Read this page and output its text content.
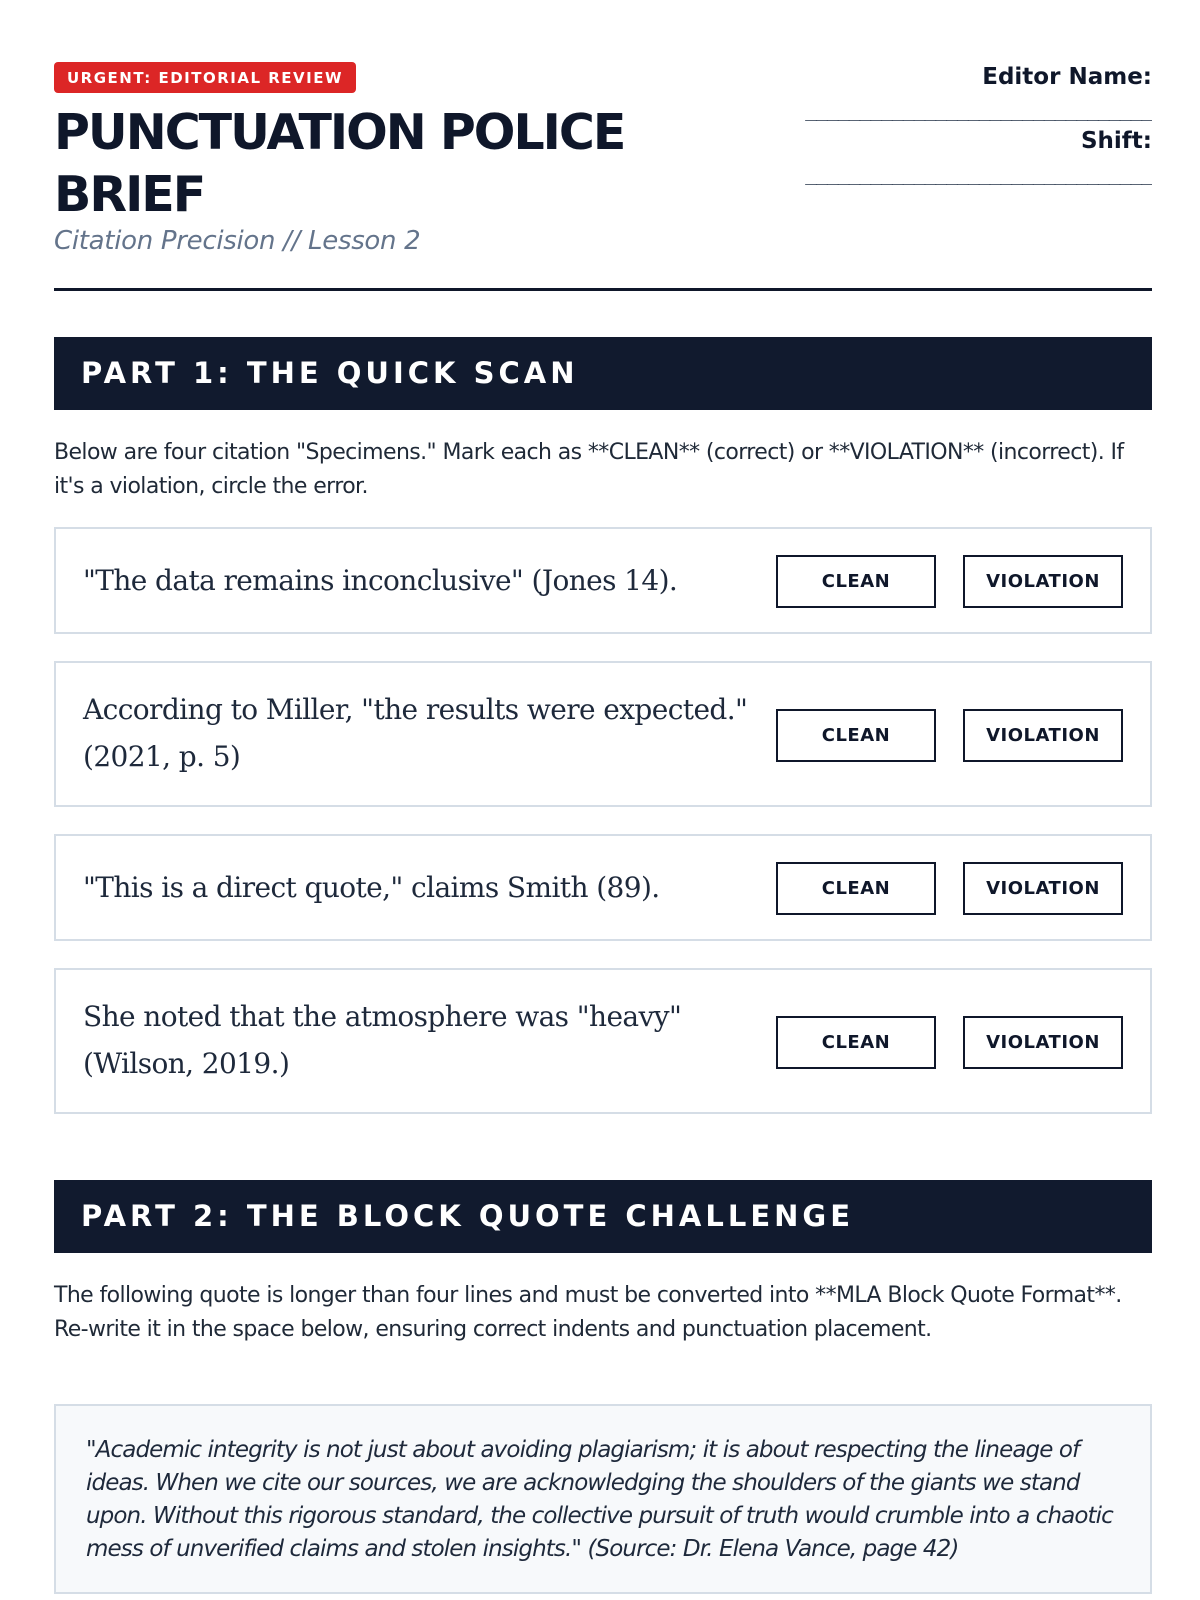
URGENT: EDITORIAL REVIEW
PUNCTUATION POLICE BRIEF
Citation Precision // Lesson 2
Editor Name:
________________________________
Shift:
________________________________
PART 1: THE QUICK SCAN

Below are four citation "Specimens." Mark each as **CLEAN** (correct) or **VIOLATION** (incorrect). If it's a violation, circle the error.

"The data remains inconclusive" (Jones 14).	CLEAN	VIOLATION
According to Miller, "the results were expected." (2021, p. 5)
CLEAN	VIOLATION
"This is a direct quote," claims Smith (89).	CLEAN	VIOLATION
She noted that the atmosphere was "heavy" (Wilson, 2019.)
CLEAN	VIOLATION
PART 2: THE BLOCK QUOTE CHALLENGE

The following quote is longer than four lines and must be converted into **MLA Block Quote Format**. Re-write it in the space below, ensuring correct indents and punctuation placement.

"Academic integrity is not just about avoiding plagiarism; it is about respecting the lineage of ideas. When we cite our sources, we are acknowledging the shoulders of the giants we stand upon. Without this rigorous standard, the collective pursuit of truth would crumble into a chaotic mess of unverified claims and stolen insights." (Source: Dr. Elena Vance, page 42)
